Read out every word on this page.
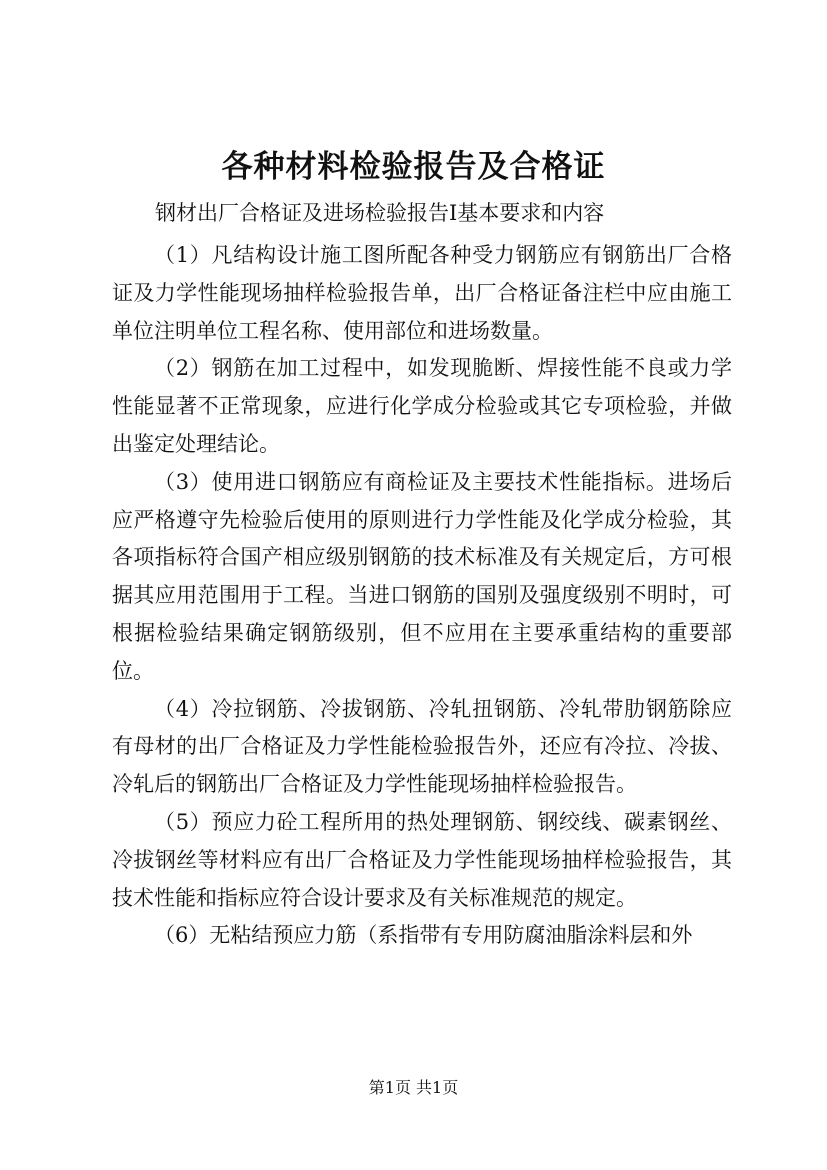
各种材料检验报告及合格证
钢材出厂合格证及进场检验报告Ⅰ基本要求和内容

（1）凡结构设计施工图所配各种受力钢筋应有钢筋出厂合格证及力学性能现场抽样检验报告单，出厂合格证备注栏中应由施工单位注明单位工程名称、使用部位和进场数量。

（2）钢筋在加工过程中，如发现脆断、焊接性能不良或力学性能显著不正常现象，应进行化学成分检验或其它专项检验，并做出鉴定处理结论。

（3）使用进口钢筋应有商检证及主要技术性能指标。进场后应严格遵守先检验后使用的原则进行力学性能及化学成分检验，其各项指标符合国产相应级别钢筋的技术标准及有关规定后，方可根据其应用范围用于工程。当进口钢筋的国别及强度级别不明时，可根据检验结果确定钢筋级别，但不应用在主要承重结构的重要部位。

（4）冷拉钢筋、冷拔钢筋、冷轧扭钢筋、冷轧带肋钢筋除应有母材的出厂合格证及力学性能检验报告外，还应有冷拉、冷拔、冷轧后的钢筋出厂合格证及力学性能现场抽样检验报告。

（5）预应力砼工程所用的热处理钢筋、钢绞线、碳素钢丝、冷拔钢丝等材料应有出厂合格证及力学性能现场抽样检验报告，其技术性能和指标应符合设计要求及有关标准规范的规定。

（6）无粘结预应力筋（系指带有专用防腐油脂涂料层和外

第1页 共1页
